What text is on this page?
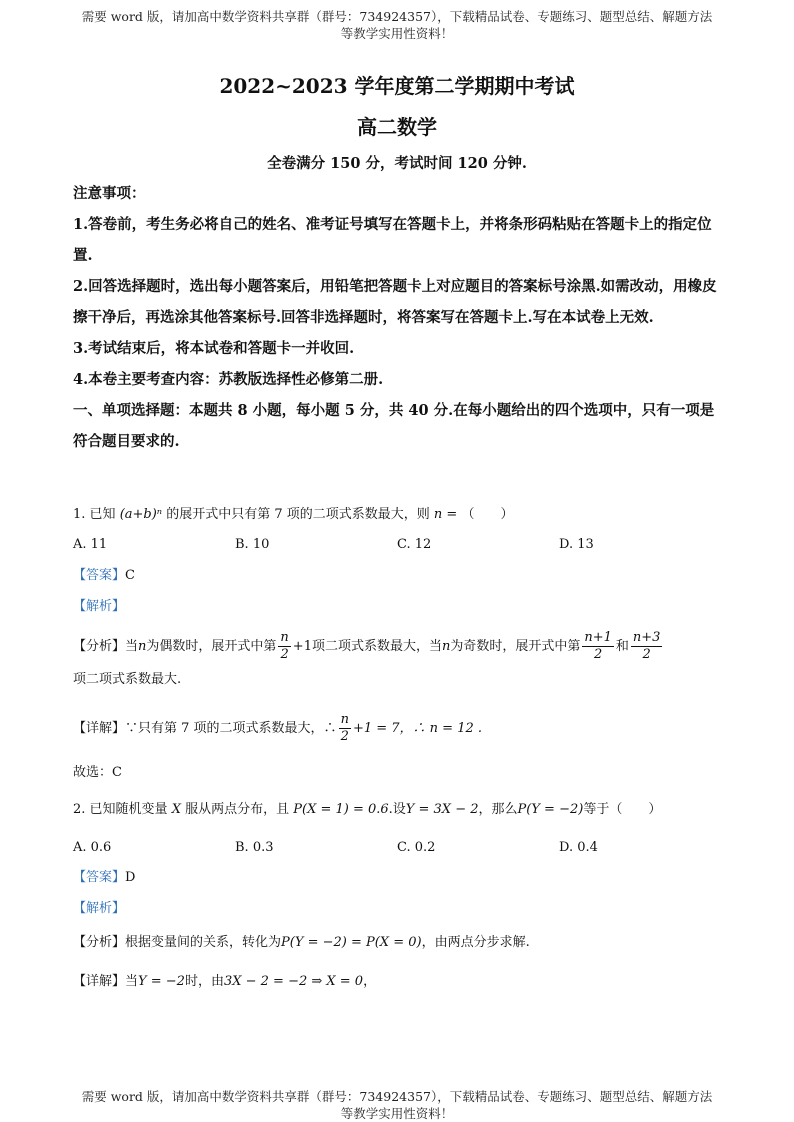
需要 word 版，请加高中数学资料共享群（群号：734924357），下载精品试卷、专题练习、题型总结、解题方法
等教学实用性资料！
2022~2023 学年度第二学期期中考试
高二数学
全卷满分 150 分，考试时间 120 分钟.

注意事项：

1.答卷前，考生务必将自己的姓名、准考证号填写在答题卡上，并将条形码粘贴在答题卡上的指定位置.

2.回答选择题时，选出每小题答案后，用铅笔把答题卡上对应题目的答案标号涂黑.如需改动，用橡皮擦干净后，再选涂其他答案标号.回答非选择题时，将答案写在答题卡上.写在本试卷上无效.

3.考试结束后，将本试卷和答题卡一并收回.

4.本卷主要考查内容：苏教版选择性必修第二册.

一、单项选择题：本题共 8 小题，每小题 5 分，共 40 分.在每小题给出的四个选项中，只有一项是符合题目要求的.

1. 已知 (a+b)ⁿ 的展开式中只有第 7 项的二项式系数最大，则 n = （　　）
A. 11	B. 10	C. 12	D. 13
【答案】C
【解析】
【分析】当n为偶数时，展开式中第 $\frac{n}{2} +1$项二项式系数最大，当n为奇数时，展开式中第 $\frac{n+1}{2}$ 和 $\frac{n+3}{2}$
项二项式系数最大.
【详解】∵只有第 7 项的二项式系数最大，∴ $\frac{n}{2} +1 = 7$，∴ n = 12 .
故选：C
2. 已知随机变量 X 服从两点分布，且 P(X = 1) = 0.6.设Y = 3X − 2，那么P(Y = −2)等于（　　）
A. 0.6	B. 0.3	C. 0.2	D. 0.4
【答案】D
【解析】
【分析】根据变量间的关系，转化为P(Y = −2) = P(X = 0)，由两点分步求解.
【详解】当Y = −2时，由3X − 2 = −2 ⇒ X = 0，
需要 word 版，请加高中数学资料共享群（群号：734924357），下载精品试卷、专题练习、题型总结、解题方法
等教学实用性资料！
